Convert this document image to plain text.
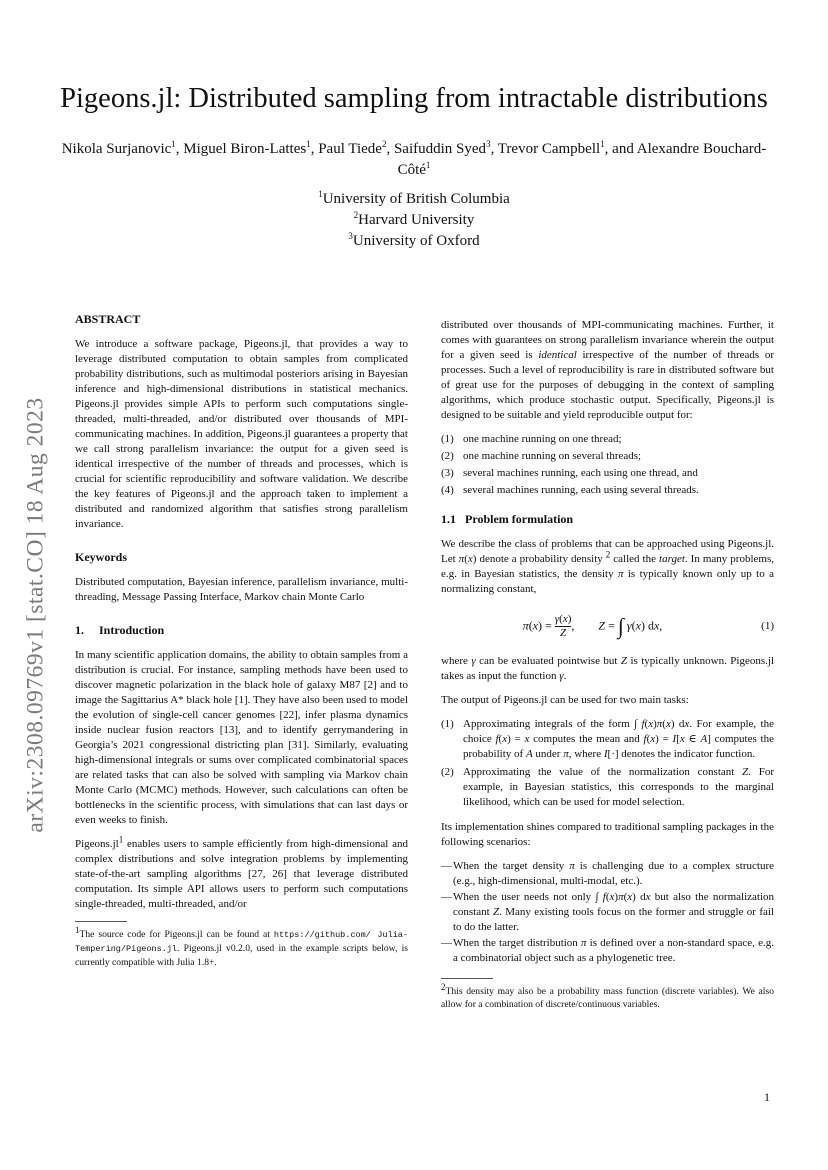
Pigeons.jl: Distributed sampling from intractable distributions
Nikola Surjanovic$^1$, Miguel Biron-Lattes$^1$, Paul Tiede$^2$, Saifuddin Syed$^3$, Trevor Campbell$^1$, and Alexandre Bouchard-Côté$^1$
$^1$University of British Columbia
$^2$Harvard University
$^3$University of Oxford
arXiv:2308.09769v1 [stat.CO] 18 Aug 2023
ABSTRACT

We introduce a software package, Pigeons.jl, that provides a way to leverage distributed computation to obtain samples from complicated probability distributions, such as multimodal posteriors arising in Bayesian inference and high-dimensional distributions in statistical mechanics. Pigeons.jl provides simple APIs to perform such computations single-threaded, multi-threaded, and/or distributed over thousands of MPI-communicating machines. In addition, Pigeons.jl guarantees a property that we call strong parallelism invariance: the output for a given seed is identical irrespective of the number of threads and processes, which is crucial for scientific reproducibility and software validation. We describe the key features of Pigeons.jl and the approach taken to implement a distributed and randomized algorithm that satisfies strong parallelism invariance.

Keywords

Distributed computation, Bayesian inference, parallelism invariance, multi-threading, Message Passing Interface, Markov chain Monte Carlo

1. Introduction

In many scientific application domains, the ability to obtain samples from a distribution is crucial. For instance, sampling methods have been used to discover magnetic polarization in the black hole of galaxy M87 [2] and to image the Sagittarius A* black hole [1]. They have also been used to model the evolution of single-cell cancer genomes [22], infer plasma dynamics inside nuclear fusion reactors [13], and to identify gerrymandering in Georgia’s 2021 congressional districting plan [31]. Similarly, evaluating high-dimensional integrals or sums over complicated combinatorial spaces are related tasks that can also be solved with sampling via Markov chain Monte Carlo (MCMC) methods. However, such calculations can often be bottlenecks in the scientific process, with simulations that can last days or even weeks to finish.

$Pigeons.jl^1$ enables users to sample efficiently from high-dimensional and complex distributions and solve integration problems by implementing state-of-the-art sampling algorithms [27, 26] that leverage distributed computation. Its simple API allows users to perform such computations single-threaded, multi-threaded, and/or

$^1$The source code for Pigeons.jl can be found at https://github.com/ Julia-Tempering/Pigeons.jl. Pigeons.jl v0.2.0, used in the example scripts below, is currently compatible with Julia 1.8+.

distributed over thousands of MPI-communicating machines. Further, it comes with guarantees on strong parallelism invariance wherein the output for a given seed is identical irrespective of the number of threads or processes. Such a level of reproducibility is rare in distributed software but of great use for the purposes of debugging in the context of sampling algorithms, which produce stochastic output. Specifically, Pigeons.jl is designed to be suitable and yield reproducible output for:

(1) one machine running on one thread;
(2) one machine running on several threads;
(3) several machines running, each using one thread, and
(4) several machines running, each using several threads.
1.1 Problem formulation

We describe the class of problems that can be approached using Pigeons.jl. Let π(x) denote a probability density $^2$ called the target. In many problems, e.g. in Bayesian statistics, the density π is typically known only up to a normalizing constant,

$\pi(x) = \frac{\gamma(x)}{Z}$ ,        Z = ∫ γ(x) dx,	(1)

where γ can be evaluated pointwise but Z is typically unknown. Pigeons.jl takes as input the function γ.

The output of Pigeons.jl can be used for two main tasks:

(1) Approximating integrals of the form ∫ f(x)π(x) dx. For example, the choice f(x) = x computes the mean and f(x) = I[x ∈ A] computes the probability of A under π, where I[·] denotes the indicator function.
(2) Approximating the value of the normalization constant Z. For example, in Bayesian statistics, this corresponds to the marginal likelihood, which can be used for model selection.

Its implementation shines compared to traditional sampling packages in the following scenarios:

— When the target density π is challenging due to a complex structure (e.g., high-dimensional, multi-modal, etc.).
— When the user needs not only ∫ f(x)π(x) dx but also the normalization constant Z. Many existing tools focus on the former and struggle or fail to do the latter.
— When the target distribution π is defined over a non-standard space, e.g. a combinatorial object such as a phylogenetic tree.
$^2$This density may also be a probability mass function (discrete variables). We also allow for a combination of discrete/continuous variables.
1
